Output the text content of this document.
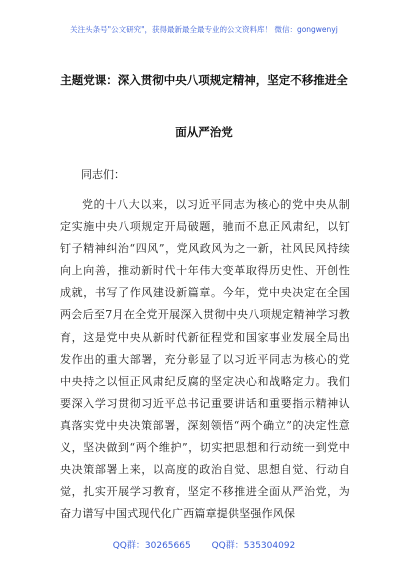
关注头条号"公文研究"，获得最新最全最专业的公文资料库！ 微信：gongwenyj
主题党课：深入贯彻中央八项规定精神，坚定不移推进全
面从严治党
同志们：
党的十八大以来，以习近平同志为核心的党中央从制定实施中央八项规定开局破题，驰而不息正风肃纪，以钉钉子精神纠治“四风”，党风政风为之一新，社风民风持续向上向善，推动新时代十年伟大变革取得历史性、开创性成就，书写了作风建设新篇章。今年，党中央决定在全国两会后至7月在全党开展深入贯彻中央八项规定精神学习教育，这是党中央从新时代新征程党和国家事业发展全局出发作出的重大部署，充分彰显了以习近平同志为核心的党中央持之以恒正风肃纪反腐的坚定决心和战略定力。我们要深入学习贯彻习近平总书记重要讲话和重要指示精神认真落实党中央决策部署，深刻领悟“两个确立”的决定性意义，坚决做到“两个维护”，切实把思想和行动统一到党中央决策部署上来，以高度的政治自觉、思想自觉、行动自觉，扎实开展学习教育，坚定不移推进全面从严治党，为奋力谱写中国式现代化广西篇章提供坚强作风保
QQ群：30265665 QQ群：535304092
